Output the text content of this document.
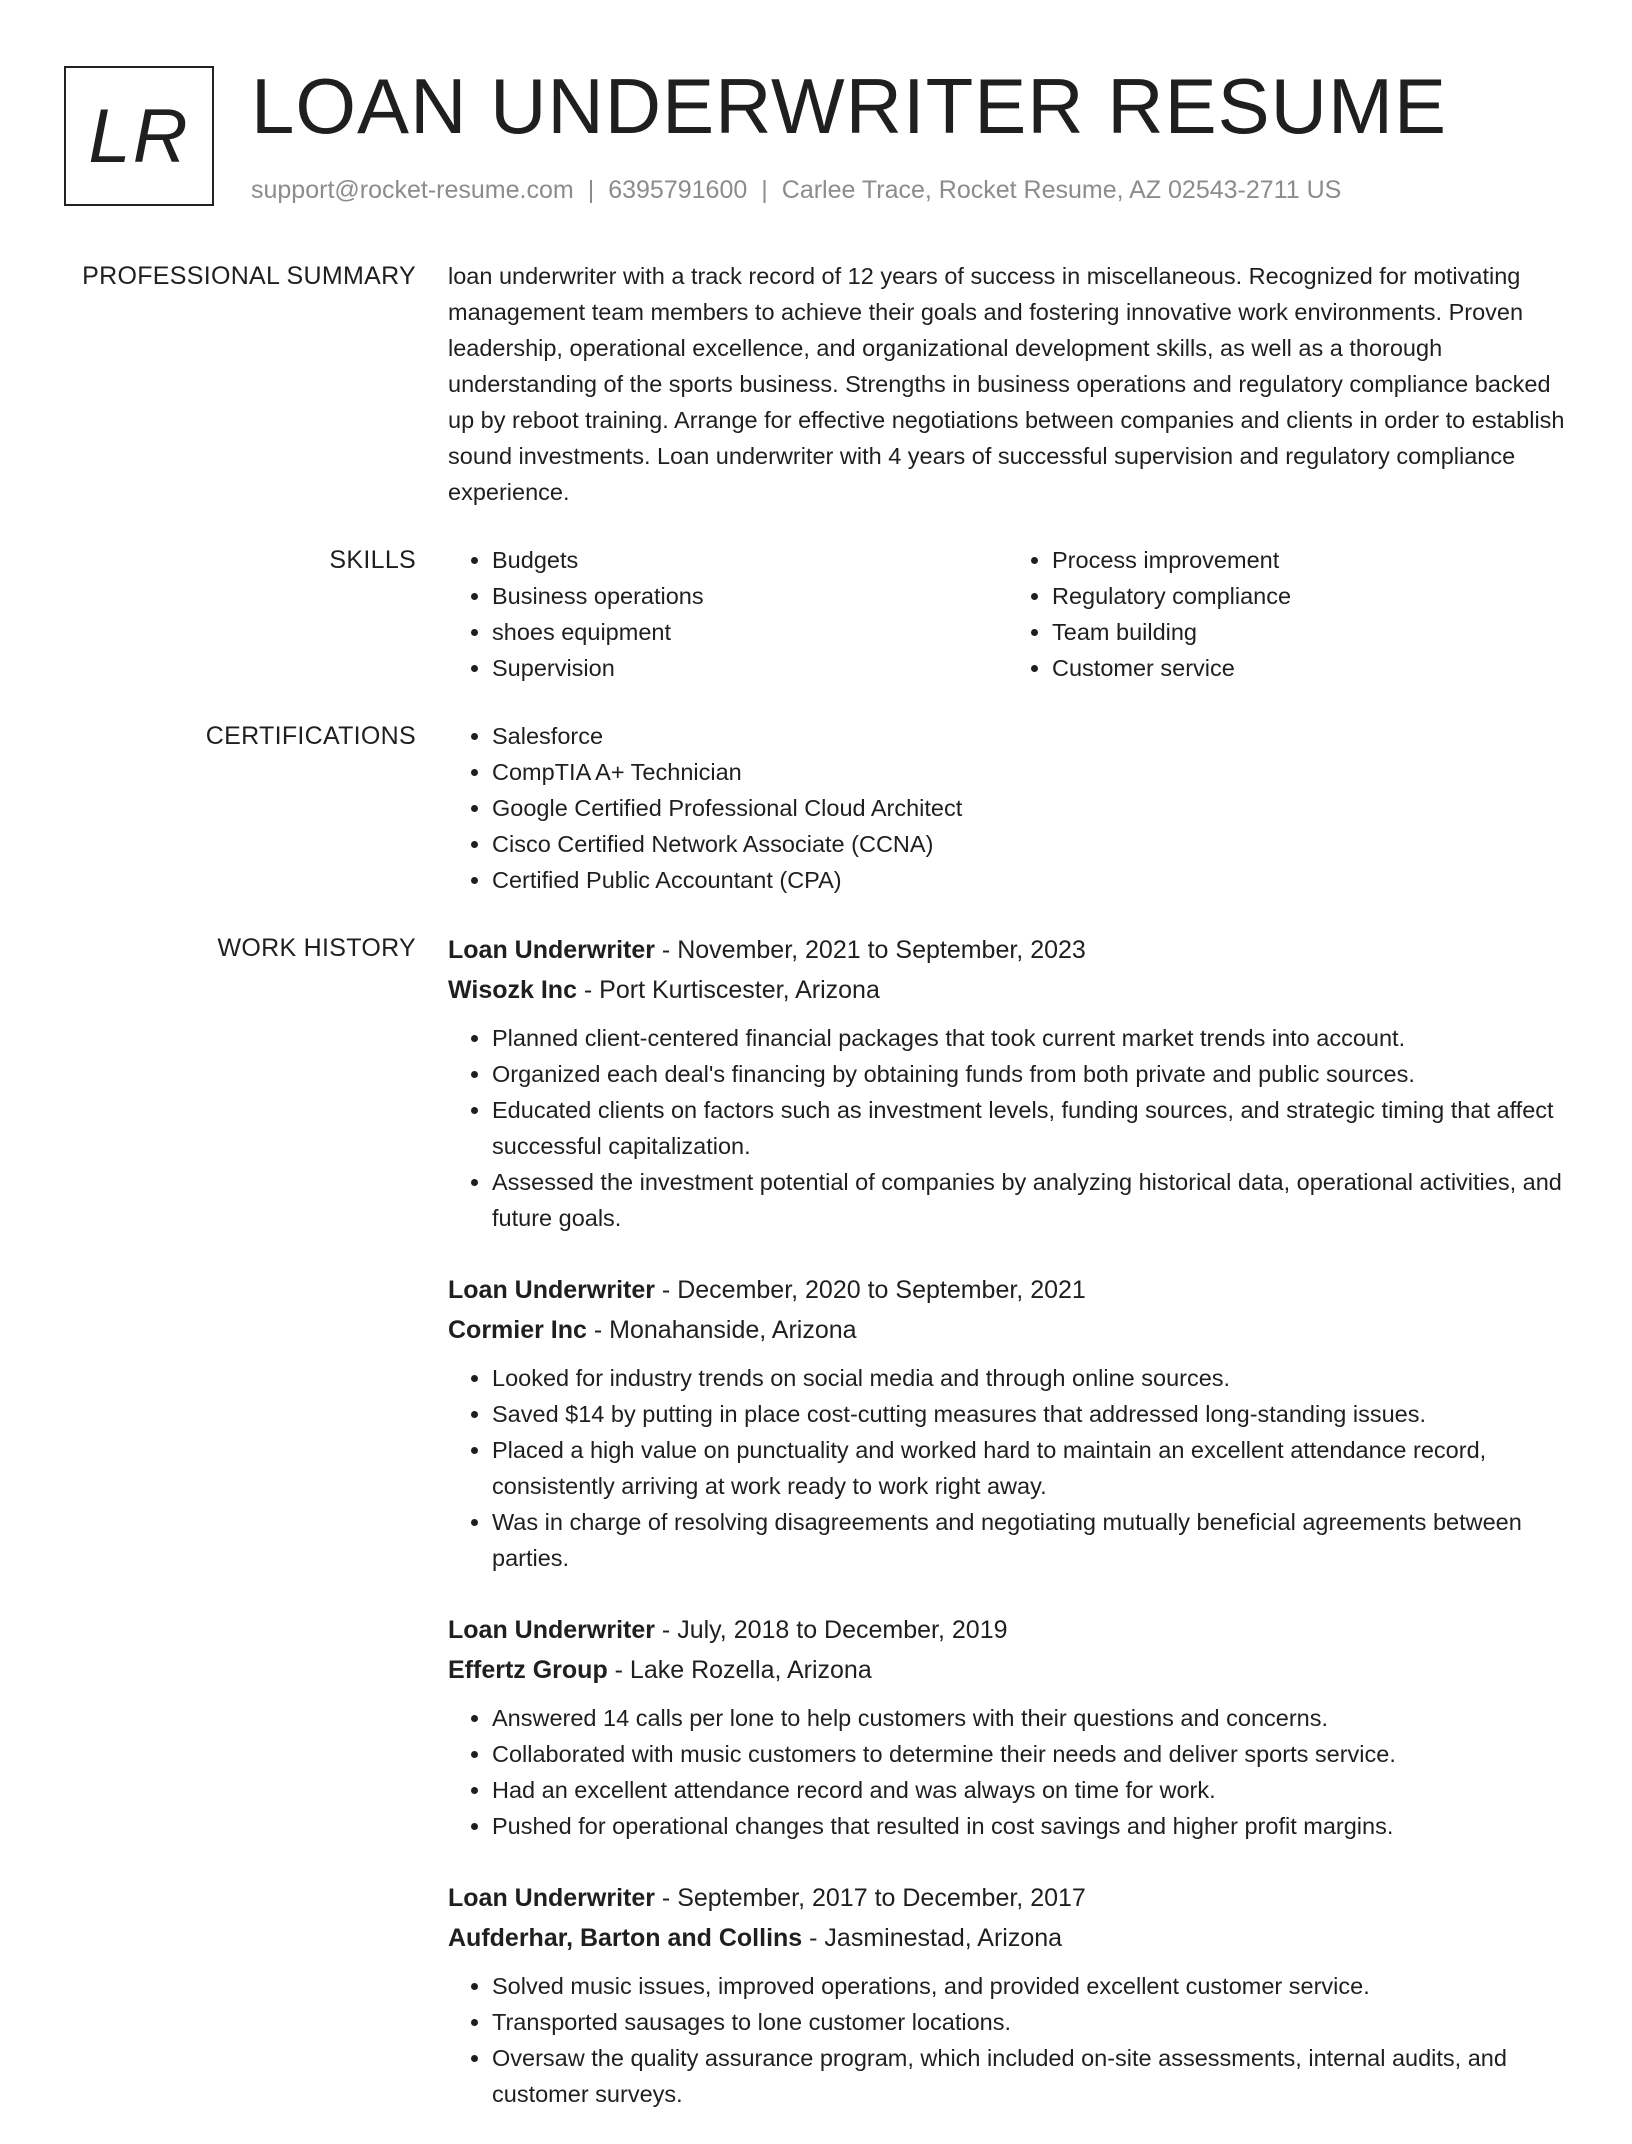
LR LOAN UNDERWRITER RESUME
support@rocket-resume.com | 6395791600 | Carlee Trace, Rocket Resume, AZ 02543-2711 US
PROFESSIONAL SUMMARY loan underwriter with a track record of 12 years of success in miscellaneous. Recognized for motivating management team members to achieve their goals and fostering innovative work environments. Proven leadership, operational excellence, and organizational development skills, as well as a thorough understanding of the sports business. Strengths in business operations and regulatory compliance backed up by reboot training. Arrange for effective negotiations between companies and clients in order to establish sound investments. Loan underwriter with 4 years of successful supervision and regulatory compliance experience.

SKILLS	• Budgets
• Business operations
• shoes equipment
• Supervision
• Process improvement
• Regulatory compliance
• Team building
• Customer service
CERTIFICATIONS	• Salesforce
• CompTIA A+ Technician
• Google Certified Professional Cloud Architect
• Cisco Certified Network Associate (CCNA)
• Certified Public Accountant (CPA)
WORK HISTORY Loan Underwriter - November, 2021 to September, 2023
Wisozk Inc - Port Kurtiscester, Arizona
• Planned client-centered financial packages that took current market trends into account.
• Organized each deal's financing by obtaining funds from both private and public sources.
• Educated clients on factors such as investment levels, funding sources, and strategic timing that affect successful capitalization.
• Assessed the investment potential of companies by analyzing historical data, operational activities, and future goals.
Loan Underwriter - December, 2020 to September, 2021
Cormier Inc - Monahanside, Arizona
• Looked for industry trends on social media and through online sources.
• Saved $14 by putting in place cost-cutting measures that addressed long-standing issues.
• Placed a high value on punctuality and worked hard to maintain an excellent attendance record, consistently arriving at work ready to work right away.
• Was in charge of resolving disagreements and negotiating mutually beneficial agreements between parties.
Loan Underwriter - July, 2018 to December, 2019
Effertz Group - Lake Rozella, Arizona
• Answered 14 calls per lone to help customers with their questions and concerns.
• Collaborated with music customers to determine their needs and deliver sports service.
• Had an excellent attendance record and was always on time for work.
• Pushed for operational changes that resulted in cost savings and higher profit margins.
Loan Underwriter - September, 2017 to December, 2017
Aufderhar, Barton and Collins - Jasminestad, Arizona
• Solved music issues, improved operations, and provided excellent customer service.
• Transported sausages to lone customer locations.
• Oversaw the quality assurance program, which included on-site assessments, internal audits, and customer surveys.
